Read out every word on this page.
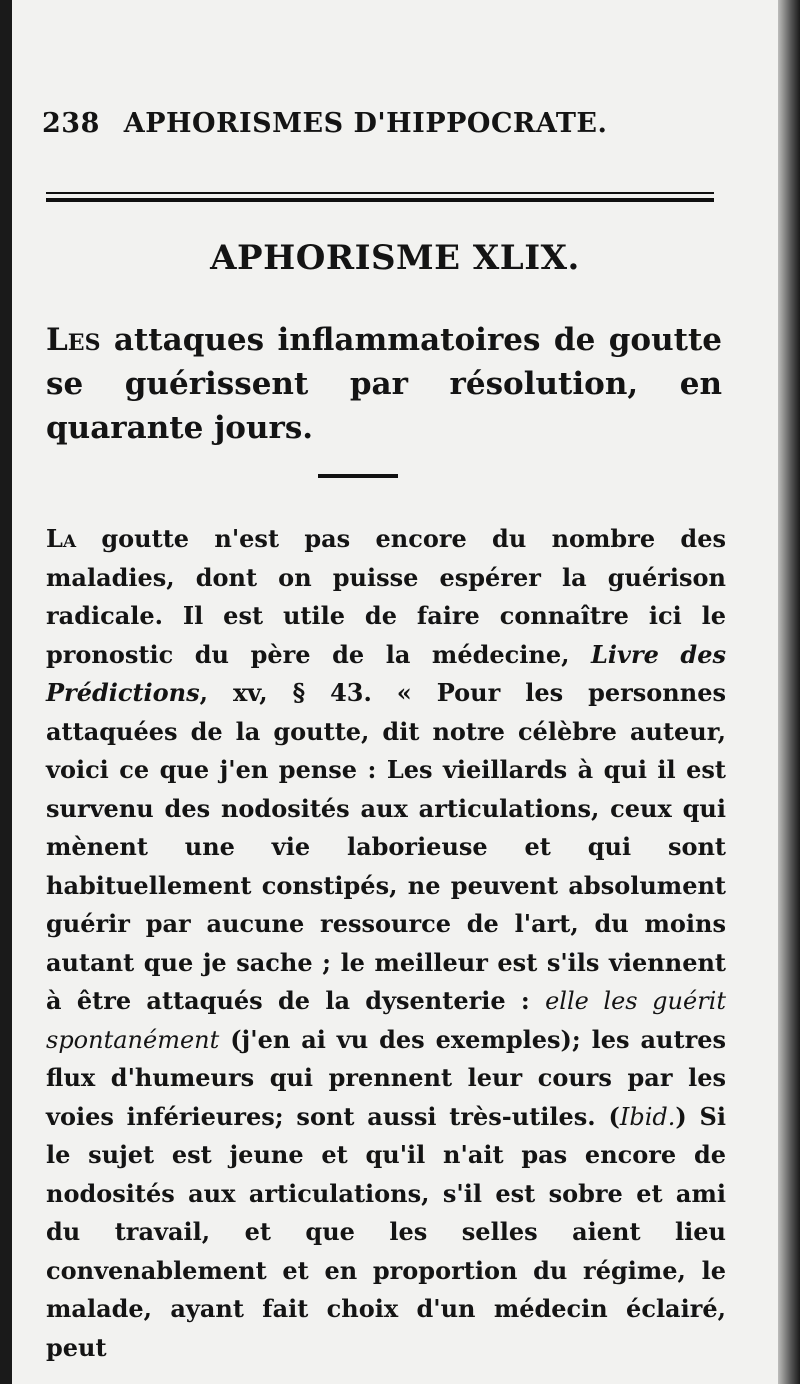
238 APHORISMES D'HIPPOCRATE.
APHORISME XLIX.
Les attaques inflammatoires de goutte se guérissent par résolution, en quarante jours.
La goutte n'est pas encore du nombre des maladies, dont on puisse espérer la guérison radicale. Il est utile de faire connaître ici le pronostic du père de la médecine, Livre des Prédictions, xv, § 43. « Pour les personnes attaquées de la goutte, dit notre célèbre auteur, voici ce que j'en pense : Les vieillards à qui il est survenu des nodosités aux articulations, ceux qui mènent une vie laborieuse et qui sont habituellement constipés, ne peuvent absolument guérir par aucune ressource de l'art, du moins autant que je sache ; le meilleur est s'ils viennent à être attaqués de la dysenterie : elle les guérit spontanément (j'en ai vu des exemples); les autres flux d'humeurs qui prennent leur cours par les voies inférieures; sont aussi très-utiles. (Ibid.) Si le sujet est jeune et qu'il n'ait pas encore de nodosités aux articulations, s'il est sobre et ami du travail, et que les selles aient lieu convenablement et en proportion du régime, le malade, ayant fait choix d'un médecin éclairé, peut
